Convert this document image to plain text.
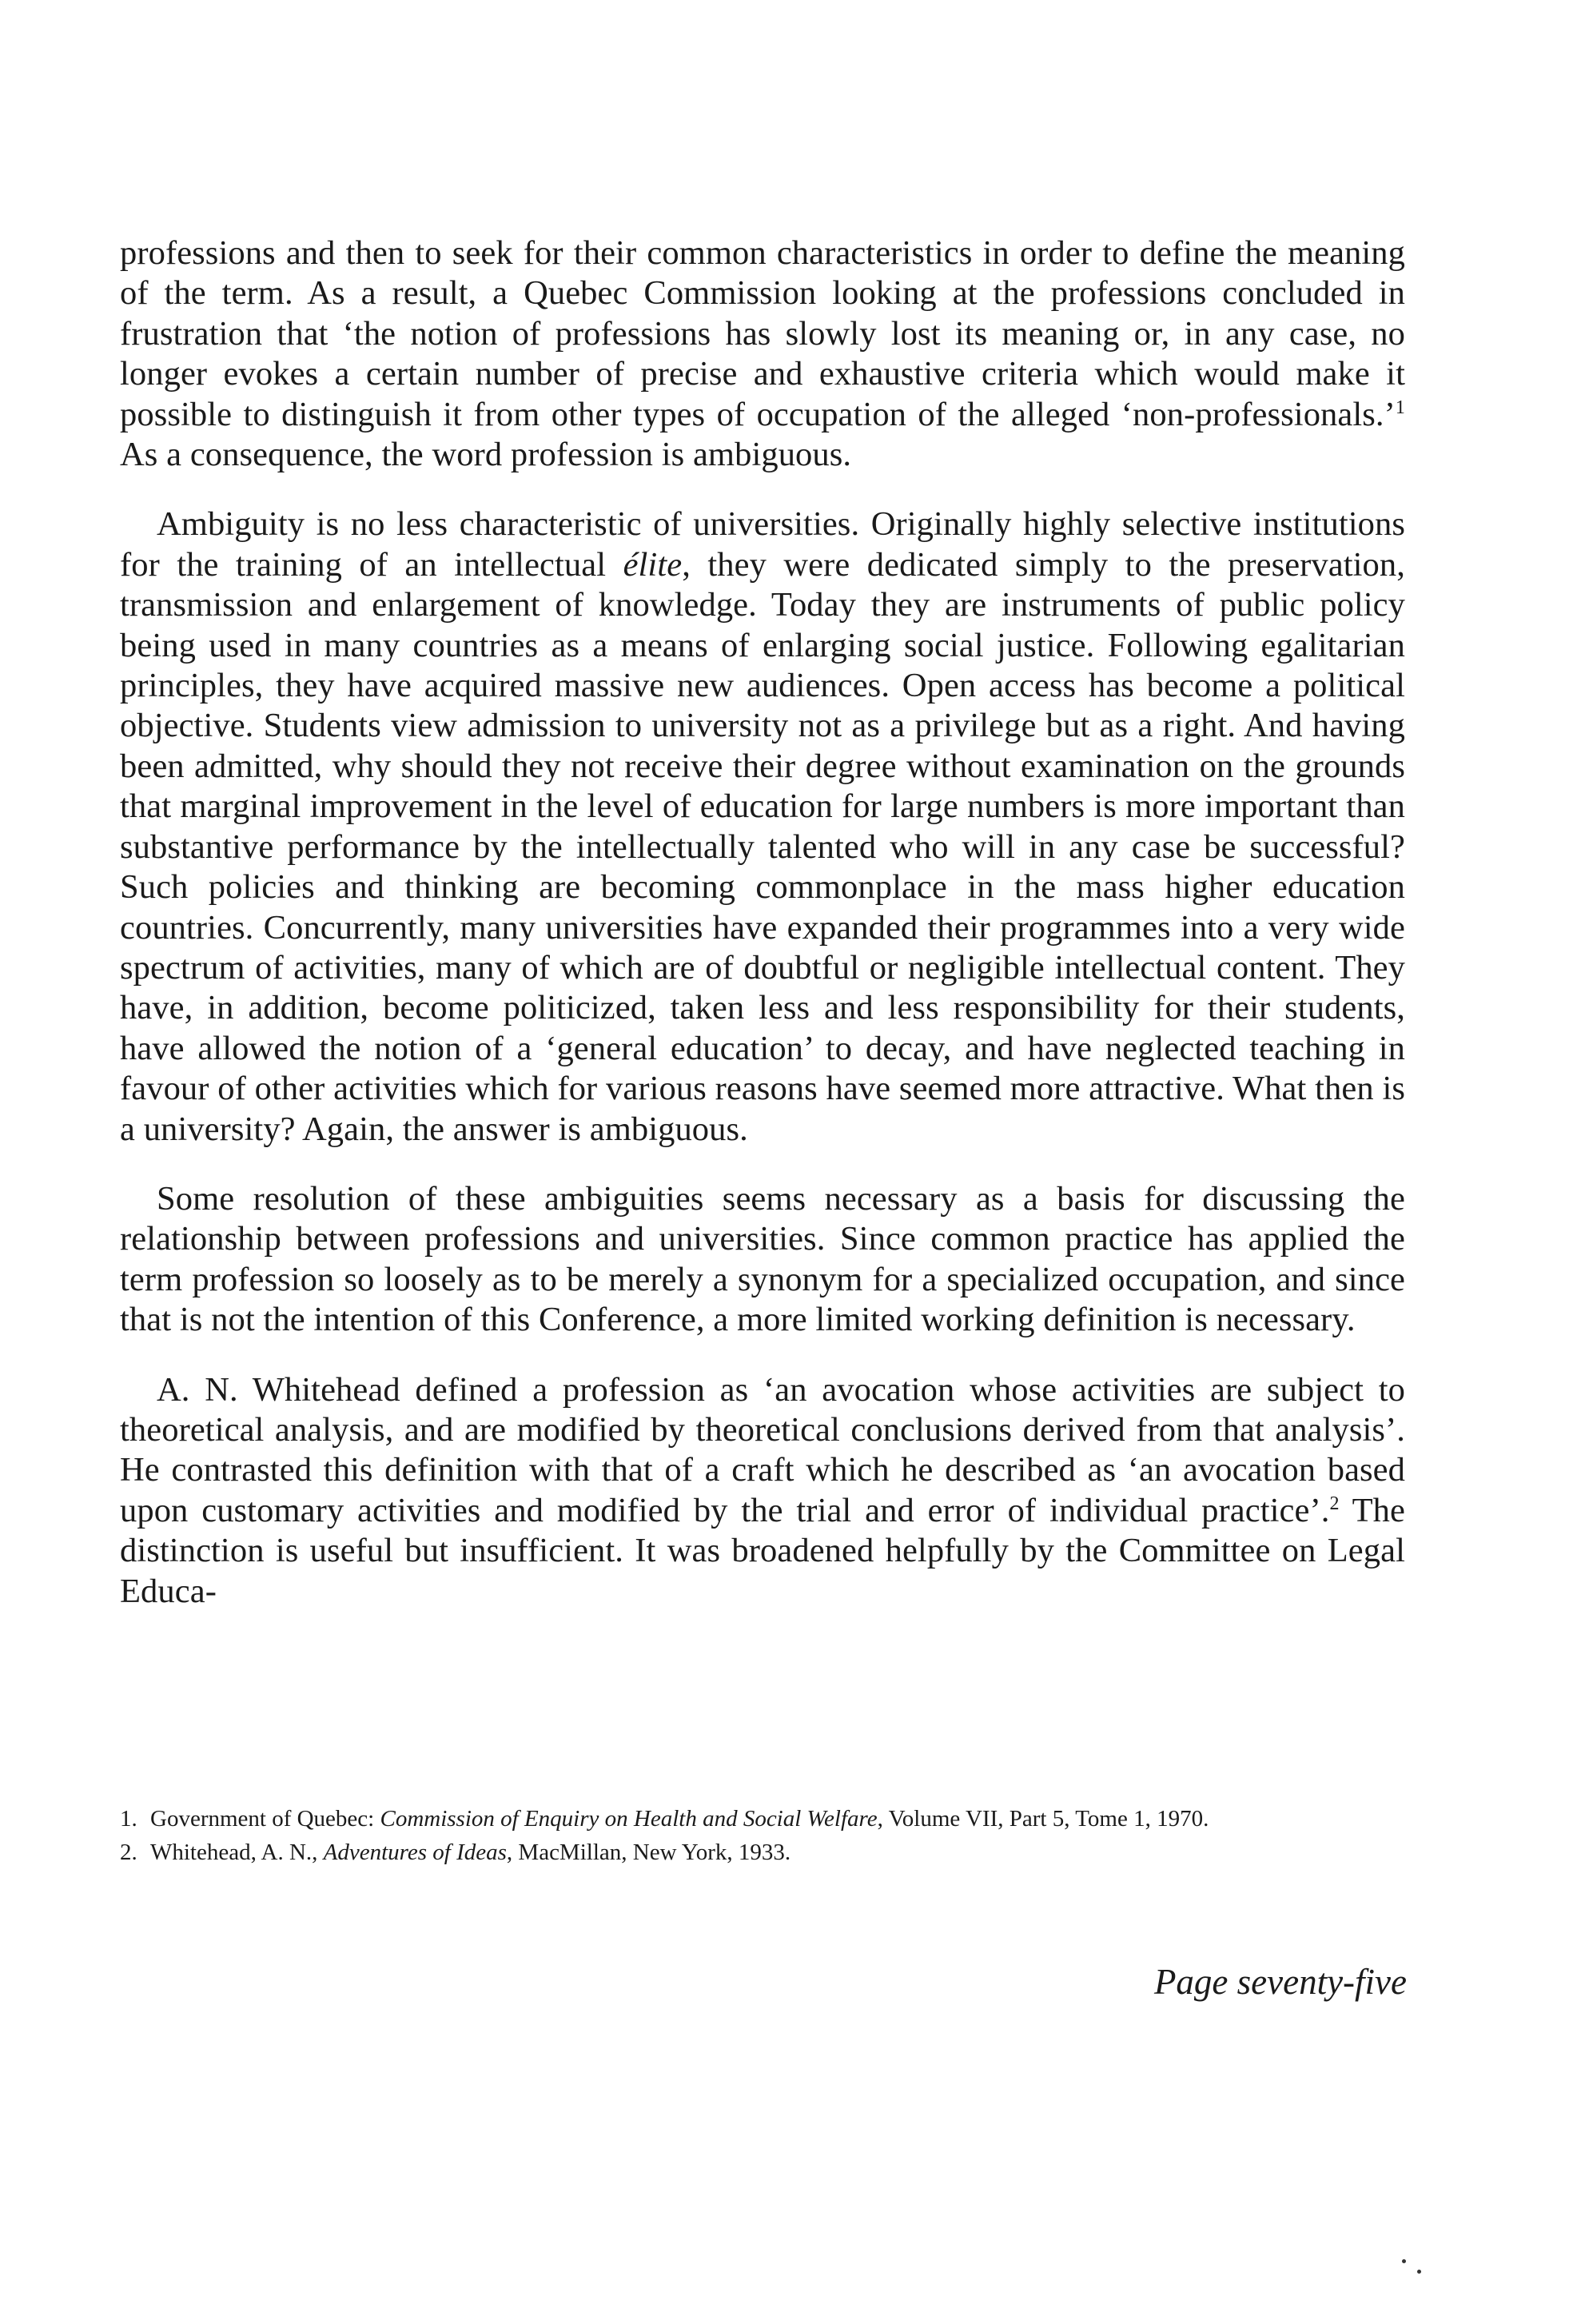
professions and then to seek for their common characteristics in order to define the meaning of the term. As a result, a Quebec Commission looking at the professions concluded in frustration that ‘the notion of professions has slowly lost its meaning or, in any case, no longer evokes a certain number of precise and exhaustive criteria which would make it possible to distinguish it from other types of occupation of the alleged ‘non-professionals.’$^1$ As a consequence, the word profession is ambiguous.

Ambiguity is no less characteristic of universities. Originally highly selective institutions for the training of an intellectual élite, they were dedicated simply to the preservation, transmission and enlargement of knowledge. Today they are instruments of public policy being used in many countries as a means of enlarging social justice. Following egalitarian principles, they have acquired massive new audiences. Open access has become a political objective. Students view admission to university not as a privilege but as a right. And having been admitted, why should they not receive their degree without examination on the grounds that marginal improvement in the level of education for large numbers is more important than substantive performance by the intellectually talented who will in any case be successful? Such policies and thinking are becoming commonplace in the mass higher education countries. Concurrently, many universities have expanded their programmes into a very wide spectrum of activities, many of which are of doubtful or negligible intellectual content. They have, in addition, become politicized, taken less and less responsibility for their students, have allowed the notion of a ‘general education’ to decay, and have neglected teaching in favour of other activities which for various reasons have seemed more attractive. What then is a university? Again, the answer is ambiguous.

Some resolution of these ambiguities seems necessary as a basis for discussing the relationship between professions and universities. Since common practice has applied the term profession so loosely as to be merely a synonym for a specialized occupation, and since that is not the intention of this Conference, a more limited working definition is necessary.

A. N. Whitehead defined a profession as ‘an avocation whose activities are subject to theoretical analysis, and are modified by theoretical conclusions derived from that analysis’. He contrasted this definition with that of a craft which he described as ‘an avocation based upon customary activities and modified by the trial and error of individual practice’.$^2$ The distinction is useful but insufficient. It was broadened helpfully by the Committee on Legal Educa-

1. Government of Quebec: Commission of Enquiry on Health and Social Welfare, Volume VII, Part 5, Tome 1, 1970.
2. Whitehead, A. N., Adventures of Ideas, MacMillan, New York, 1933.
Page seventy-five
